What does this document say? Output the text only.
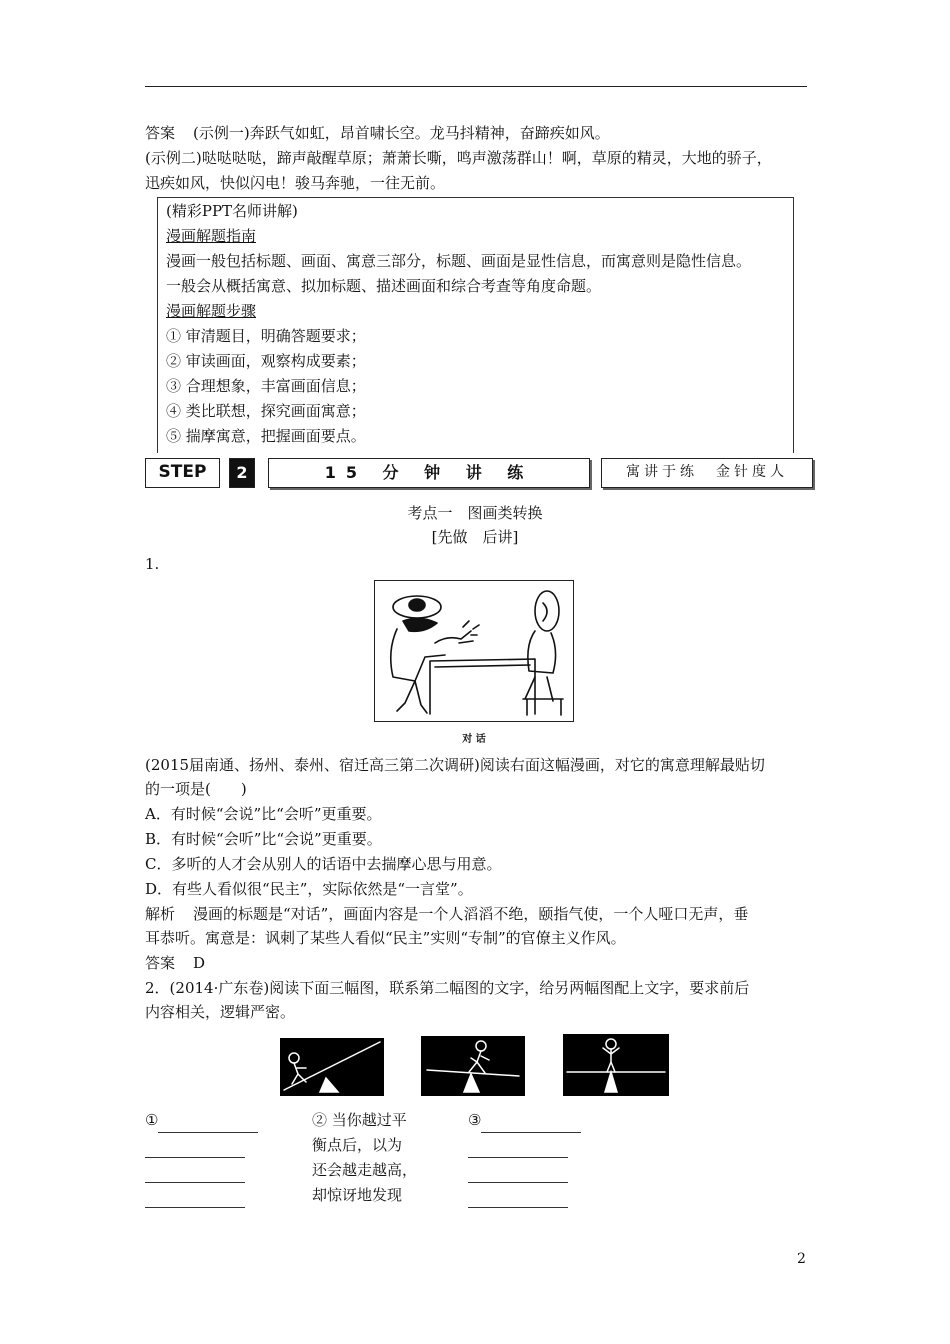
答案 (示例一)奔跃气如虹，昂首啸长空。龙马抖精神，奋蹄疾如风。
(示例二)哒哒哒哒，蹄声敲醒草原；萧萧长嘶，鸣声激荡群山！啊，草原的精灵，大地的骄子，
迅疾如风，快似闪电！骏马奔驰，一往无前。
(精彩PPT名师讲解)
漫画解题指南
漫画一般包括标题、画面、寓意三部分，标题、画面是显性信息，而寓意则是隐性信息。
一般会从概括寓意、拟加标题、描述画面和综合考查等角度命题。
漫画解题步骤
① 审清题目，明确答题要求；
② 审读画面，观察构成要素；
③ 合理想象，丰富画面信息；
④ 类比联想，探究画面寓意；
⑤ 揣摩寓意，把握画面要点。
STEP	2	15 分 钟 讲 练	寓讲于练　金针度人
考点一　图画类转换
[先做　后讲]
1.
对 话
(2015届南通、扬州、泰州、宿迁高三第二次调研)阅读右面这幅漫画，对它的寓意理解最贴切
的一项是(　　)
A．有时候“会说”比“会听”更重要。
B．有时候“会听”比“会说”更重要。
C．多听的人才会从别人的话语中去揣摩心思与用意。
D．有些人看似很“民主”，实际依然是“一言堂”。
解析 漫画的标题是“对话”，画面内容是一个人滔滔不绝，颐指气使，一个人哑口无声，垂
耳恭听。寓意是：讽刺了某些人看似“民主”实则“专制”的官僚主义作风。
答案 D
2．(2014·广东卷)阅读下面三幅图，联系第二幅图的文字，给另两幅图配上文字，要求前后
内容相关，逻辑严密。
①	② 当你越过平
衡点后，以为
还会越走越高，
却惊讶地发现
③
2
